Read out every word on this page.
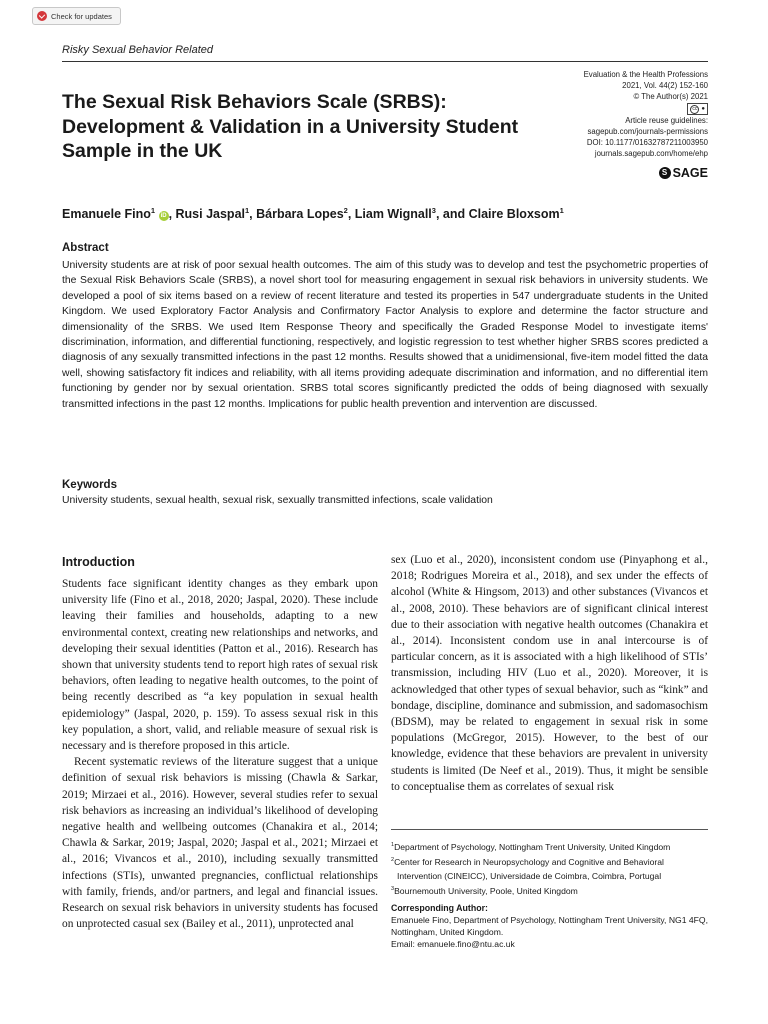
Check for updates
Risky Sexual Behavior Related
Evaluation & the Health Professions
2021, Vol. 44(2) 152-160
© The Author(s) 2021
cc ●
Article reuse guidelines:
sagepub.com/journals-permissions
DOI: 10.1177/01632787211003950
journals.sagepub.com/home/ehp
S SAGE
The Sexual Risk Behaviors Scale (SRBS): Development & Validation in a University Student Sample in the UK
Emanuele Fino$^1$ iD , Rusi Jaspal$^1$, Bárbara Lopes$^2$, Liam Wignall$^3$, and Claire Bloxsom$^1$
Abstract
University students are at risk of poor sexual health outcomes. The aim of this study was to develop and test the psychometric properties of the Sexual Risk Behaviors Scale (SRBS), a novel short tool for measuring engagement in sexual risk behaviors in university students. We developed a pool of six items based on a review of recent literature and tested its properties in 547 undergraduate students in the United Kingdom. We used Exploratory Factor Analysis and Confirmatory Factor Analysis to explore and determine the factor structure and dimensionality of the SRBS. We used Item Response Theory and specifically the Graded Response Model to investigate items' discrimination, information, and differential functioning, respectively, and logistic regression to test whether higher SRBS scores predicted a diagnosis of any sexually transmitted infections in the past 12 months. Results showed that a unidimensional, five-item model fitted the data well, showing satisfactory fit indices and reliability, with all items providing adequate discrimination and information, and no differential item functioning by gender nor by sexual orientation. SRBS total scores significantly predicted the odds of being diagnosed with sexually transmitted infections in the past 12 months. Implications for public health prevention and intervention are discussed.
Keywords
University students, sexual health, sexual risk, sexually transmitted infections, scale validation
Introduction

Students face significant identity changes as they embark upon university life (Fino et al., 2018, 2020; Jaspal, 2020). These include leaving their families and households, adapting to a new environmental context, creating new relationships and networks, and developing their sexual identities (Patton et al., 2016). Research has shown that university students tend to report high rates of sexual risk behaviors, often leading to negative health outcomes, to the point of being recently described as “a key population in sexual health epidemiology” (Jaspal, 2020, p. 159). To assess sexual risk in this key population, a short, valid, and reliable measure of sexual risk is necessary and is therefore proposed in this article.

Recent systematic reviews of the literature suggest that a unique definition of sexual risk behaviors is missing (Chawla & Sarkar, 2019; Mirzaei et al., 2016). However, several studies refer to sexual risk behaviors as increasing an individual’s likelihood of developing negative health and wellbeing outcomes (Chanakira et al., 2014; Chawla & Sarkar, 2019; Jaspal, 2020; Jaspal et al., 2021; Mirzaei et al., 2016; Vivancos et al., 2010), including sexually transmitted infections (STIs), unwanted pregnancies, conflictual relationships with family, friends, and/or partners, and legal and financial issues. Research on sexual risk behaviors in university students has focused on unprotected casual sex (Bailey et al., 2011), unprotected anal

sex (Luo et al., 2020), inconsistent condom use (Pinyaphong et al., 2018; Rodrigues Moreira et al., 2018), and sex under the effects of alcohol (White & Hingsom, 2013) and other substances (Vivancos et al., 2008, 2010). These behaviors are of significant clinical interest due to their association with negative health outcomes (Chanakira et al., 2014). Inconsistent condom use in anal intercourse is of particular concern, as it is associated with a high likelihood of STIs’ transmission, including HIV (Luo et al., 2020). Moreover, it is acknowledged that other types of sexual behavior, such as “kink” and bondage, discipline, dominance and submission, and sadomasochism (BDSM), may be related to engagement in sexual risk in some populations (McGregor, 2015). However, to the best of our knowledge, evidence that these behaviors are prevalent in university students is limited (De Neef et al., 2019). Thus, it might be sensible to conceptualise them as correlates of sexual risk

$^1$Department of Psychology, Nottingham Trent University, United Kingdom
$^2$Center for Research in Neuropsychology and Cognitive and Behavioral
Intervention (CINEICC), Universidade de Coimbra, Coimbra, Portugal
$^3$Bournemouth University, Poole, United Kingdom
Corresponding Author:
Emanuele Fino, Department of Psychology, Nottingham Trent University, NG1 4FQ, Nottingham, United Kingdom.
Email: emanuele.fino@ntu.ac.uk
